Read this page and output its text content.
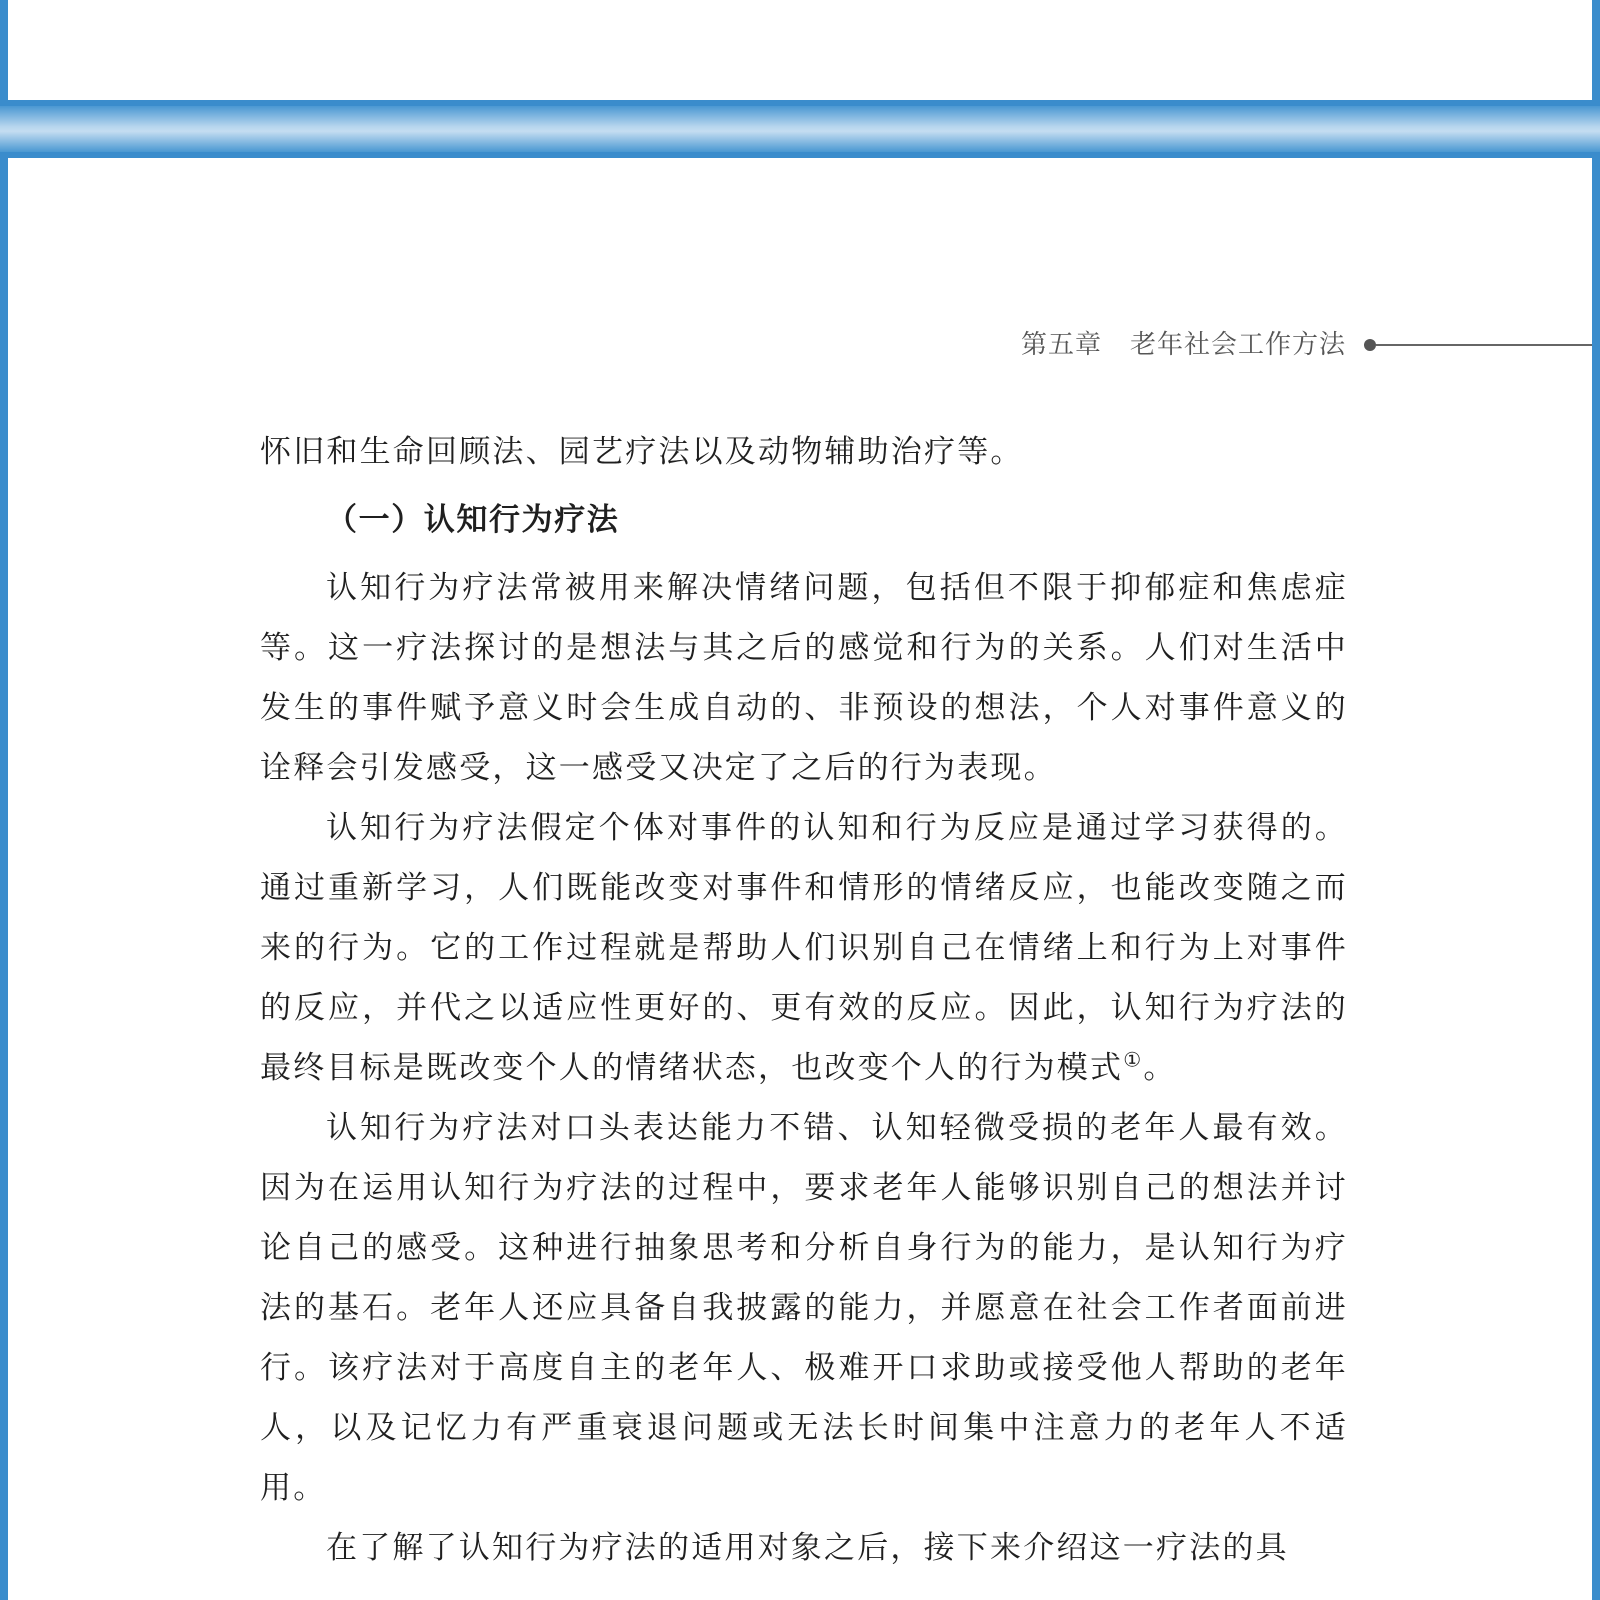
第五章 老年社会工作方法

怀旧和生命回顾法、园艺疗法以及动物辅助治疗等。

（一）认知行为疗法

认知行为疗法常被用来解决情绪问题，包括但不限于抑郁症和焦虑症等。这一疗法探讨的是想法与其之后的感觉和行为的关系。人们对生活中发生的事件赋予意义时会生成自动的、非预设的想法，个人对事件意义的诠释会引发感受，这一感受又决定了之后的行为表现。

认知行为疗法假定个体对事件的认知和行为反应是通过学习获得的。通过重新学习，人们既能改变对事件和情形的情绪反应，也能改变随之而来的行为。它的工作过程就是帮助人们识别自己在情绪上和行为上对事件的反应，并代之以适应性更好的、更有效的反应。因此，认知行为疗法的最终目标是既改变个人的情绪状态，也改变个人的行为模式①。

认知行为疗法对口头表达能力不错、认知轻微受损的老年人最有效。因为在运用认知行为疗法的过程中，要求老年人能够识别自己的想法并讨论自己的感受。这种进行抽象思考和分析自身行为的能力，是认知行为疗法的基石。老年人还应具备自我披露的能力，并愿意在社会工作者面前进行。该疗法对于高度自主的老年人、极难开口求助或接受他人帮助的老年人，以及记忆力有严重衰退问题或无法长时间集中注意力的老年人不适用。

在了解了认知行为疗法的适用对象之后，接下来介绍这一疗法的具
